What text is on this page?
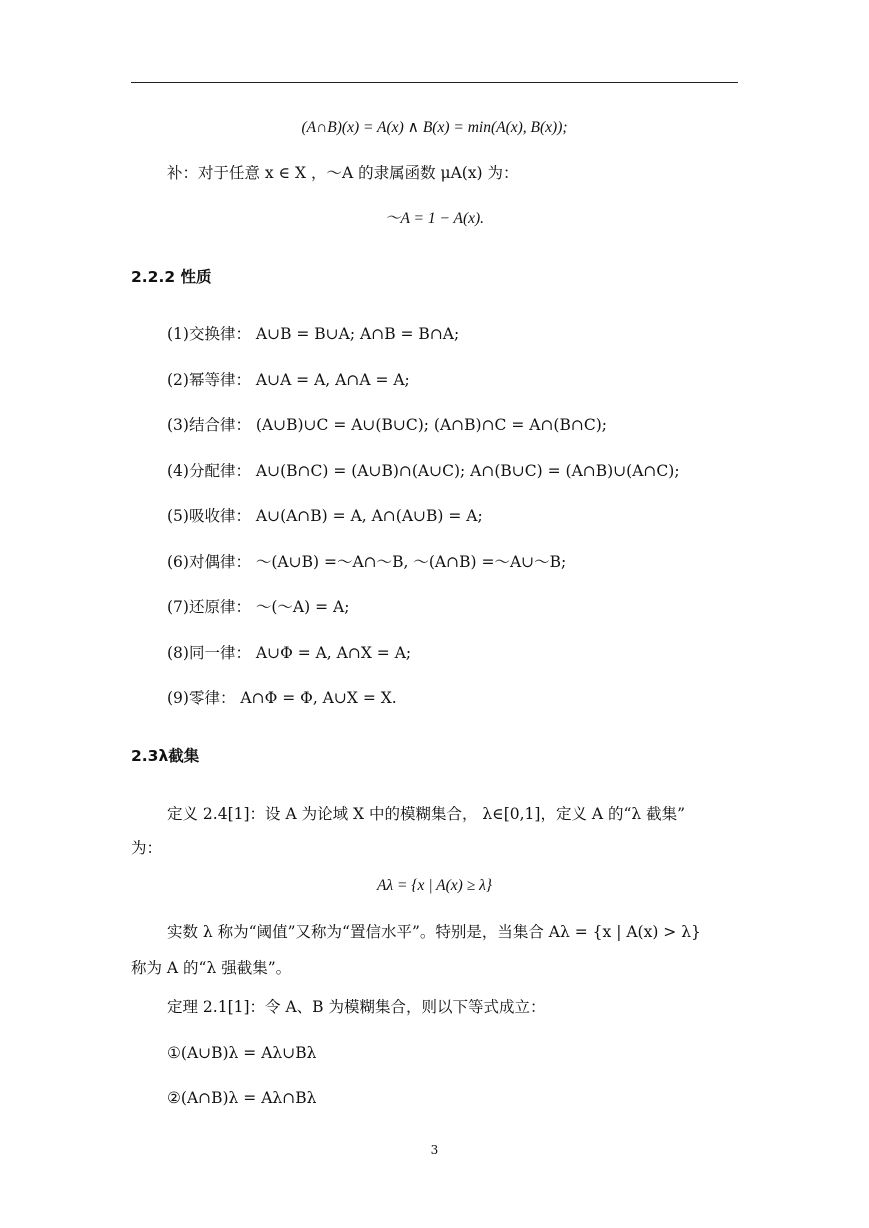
(A∩B)(x) = A(x) ∧ B(x) = min(A(x), B(x));
补：对于任意 x ∈ X ，～A 的隶属函数 μA(x) 为：
～A = 1 − A(x).
2.2.2 性质
(1)交换律： A∪B = B∪A; A∩B = B∩A;
(2)幂等律： A∪A = A, A∩A = A;
(3)结合律： (A∪B)∪C = A∪(B∪C); (A∩B)∩C = A∩(B∩C);
(4)分配律： A∪(B∩C) = (A∪B)∩(A∪C); A∩(B∪C) = (A∩B)∪(A∩C);
(5)吸收律： A∪(A∩B) = A, A∩(A∪B) = A;
(6)对偶律： ～(A∪B) =～A∩～B, ～(A∩B) =～A∪～B;
(7)还原律： ～(～A) = A;
(8)同一律： A∪Φ = A, A∩X = A;
(9)零律： A∩Φ = Φ, A∪X = X.
2.3λ截集
定义 2.4[1]：设 A 为论域 X 中的模糊集合， λ∈[0,1]，定义 A 的“λ 截集”
为：
Aλ = {x | A(x) ≥ λ}
实数 λ 称为“阈值”又称为“置信水平”。特别是，当集合 Aλ = {x | A(x) > λ}
称为 A 的“λ 强截集”。
定理 2.1[1]：令 A、B 为模糊集合，则以下等式成立：
①(A∪B)λ = Aλ∪Bλ
②(A∩B)λ = Aλ∩Bλ
3
